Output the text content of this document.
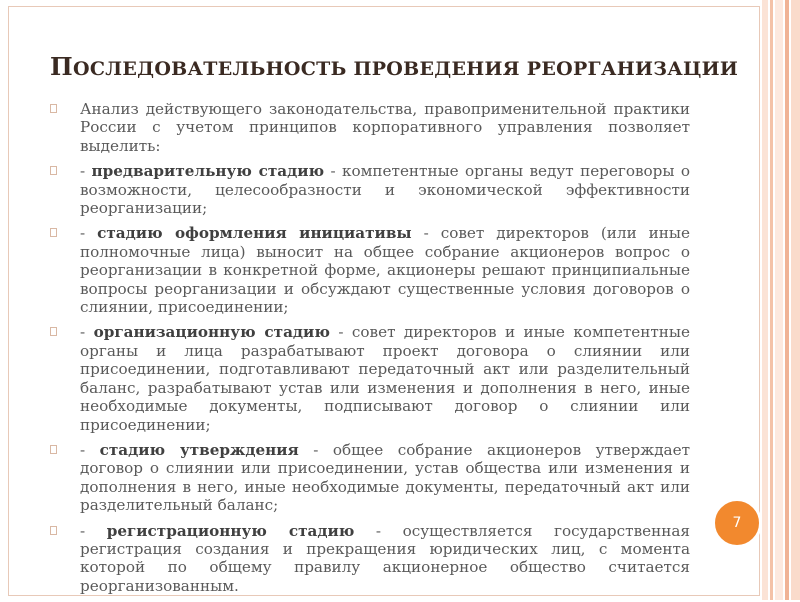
ПОСЛЕДОВАТЕЛЬНОСТЬ ПРОВЕДЕНИЯ РЕОРГАНИЗАЦИИ
Анализ действующего законодательства, правоприменительной практики России с учетом принципов корпоративного управления позволяет выделить:
- предварительную стадию - компетентные органы ведут переговоры о возможности, целесообразности и экономической эффективности реорганизации;
- стадию оформления инициативы - совет директоров (или иные полномочные лица) выносит на общее собрание акционеров вопрос о реорганизации в конкретной форме, акционеры решают принципиальные вопросы реорганизации и обсуждают существенные условия договоров о слиянии, присоединении;
- организационную стадию - совет директоров и иные компетентные органы и лица разрабатывают проект договора о слиянии или присоединении, подготавливают передаточный акт или разделительный баланс, разрабатывают устав или изменения и дополнения в него, иные необходимые документы, подписывают договор о слиянии или присоединении;
- стадию утверждения - общее собрание акционеров утверждает договор о слиянии или присоединении, устав общества или изменения и дополнения в него, иные необходимые документы, передаточный акт или разделительный баланс;
- регистрационную стадию - осуществляется государственная регистрация создания и прекращения юридических лиц, с момента которой по общему правилу акционерное общество считается реорганизованным.
7
